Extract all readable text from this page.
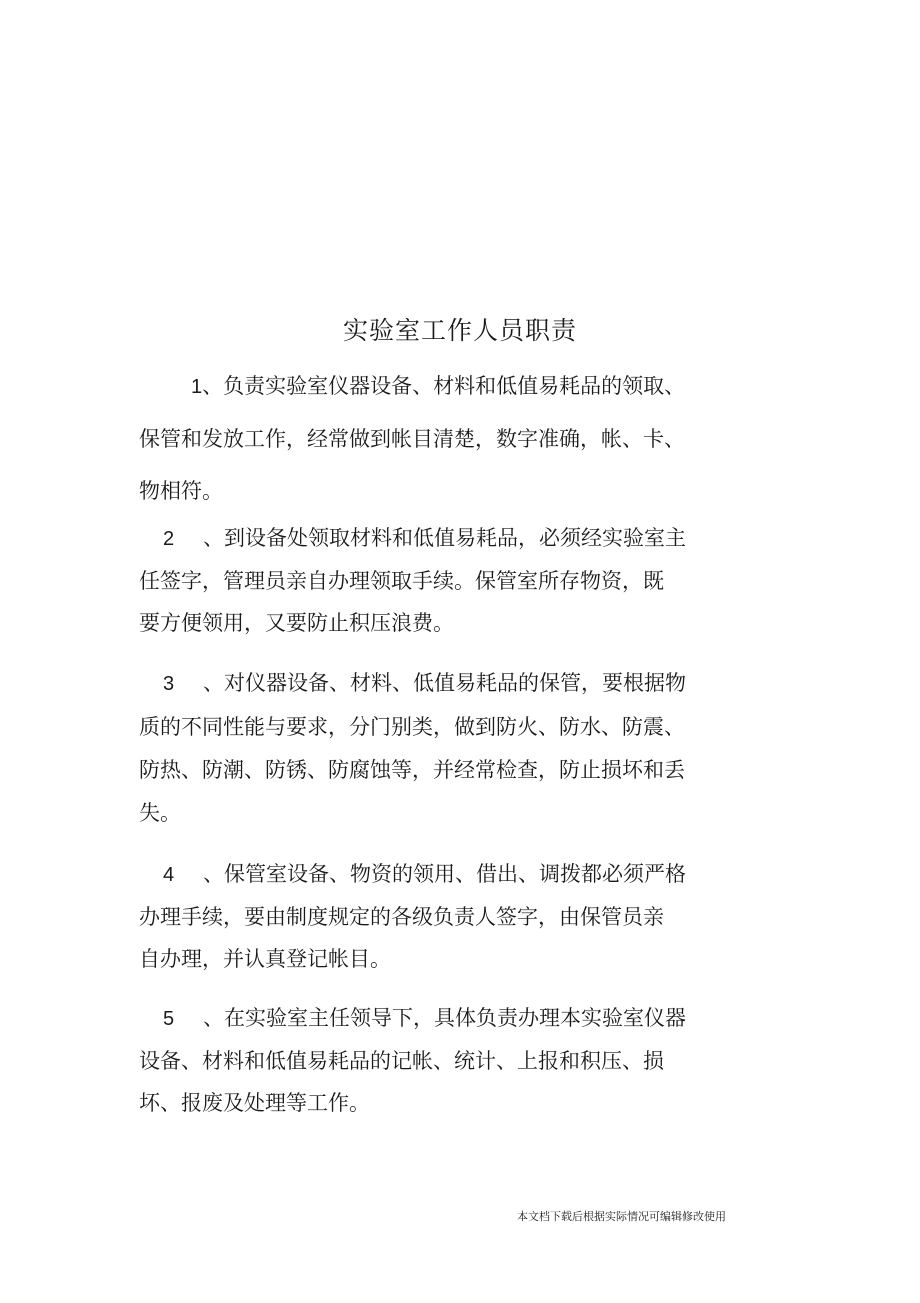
实验室工作人员职责
1、负责实验室仪器设备、材料和低值易耗品的领取、
保管和发放工作，经常做到帐目清楚，数字准确，帐、卡、
物相符。
2 、到设备处领取材料和低值易耗品，必须经实验室主
任签字，管理员亲自办理领取手续。保管室所存物资，既
要方便领用，又要防止积压浪费。
3 、对仪器设备、材料、低值易耗品的保管，要根据物
质的不同性能与要求，分门别类，做到防火、防水、防震、
防热、防潮、防锈、防腐蚀等，并经常检查，防止损坏和丢
失。
4 、保管室设备、物资的领用、借出、调拨都必须严格
办理手续，要由制度规定的各级负责人签字，由保管员亲
自办理，并认真登记帐目。
5 、在实验室主任领导下，具体负责办理本实验室仪器
设备、材料和低值易耗品的记帐、统计、上报和积压、损
坏、报废及处理等工作。
本文档下载后根据实际情况可编辑修改使用
